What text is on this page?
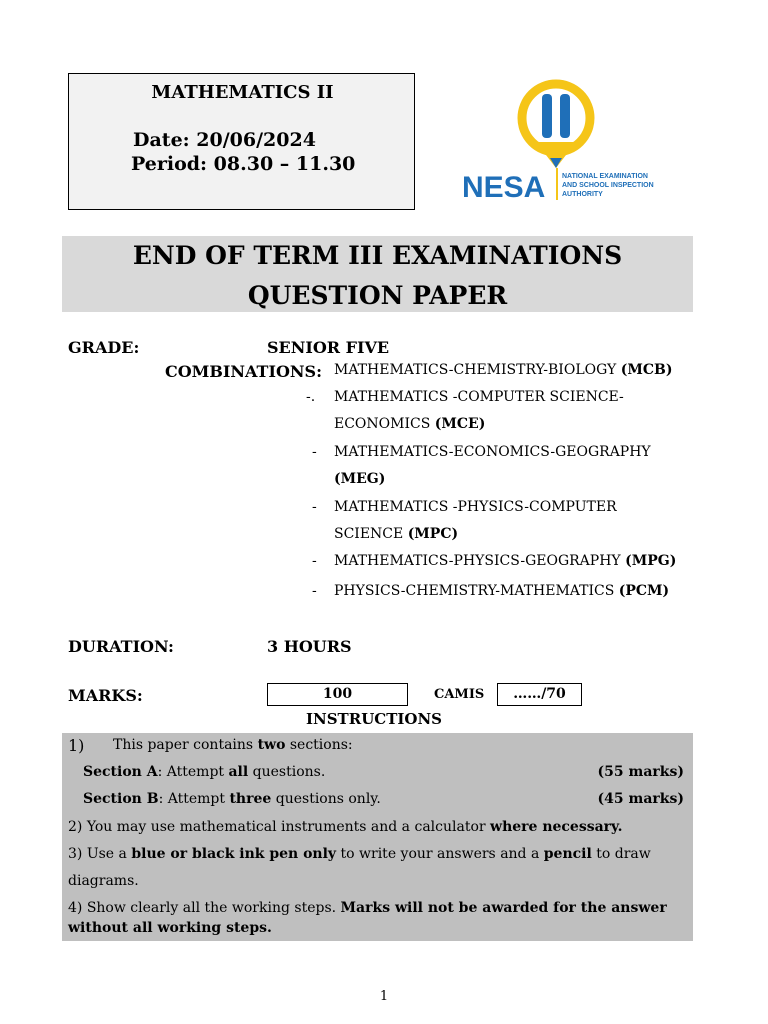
MATHEMATICS II
Date: 20/06/2024
Period: 08.30 – 11.30
NESA NATIONAL EXAMINATION
AND SCHOOL INSPECTION
AUTHORITY
END OF TERM III EXAMINATIONS
QUESTION PAPER
GRADE:	SENIOR FIVE
COMBINATIONS: MATHEMATICS-CHEMISTRY-BIOLOGY (MCB)
-. MATHEMATICS -COMPUTER SCIENCE-
ECONOMICS (MCE)
- MATHEMATICS-ECONOMICS-GEOGRAPHY
(MEG)
- MATHEMATICS -PHYSICS-COMPUTER
SCIENCE (MPC)
- MATHEMATICS-PHYSICS-GEOGRAPHY (MPG)
- PHYSICS-CHEMISTRY-MATHEMATICS (PCM)
DURATION:	3 HOURS
MARKS:	100	CAMIS	……/70
INSTRUCTIONS
1) This paper contains two sections:
Section A: Attempt all questions.	(55 marks)
Section B: Attempt three questions only.	(45 marks)
2) You may use mathematical instruments and a calculator where necessary.
3) Use a blue or black ink pen only to write your answers and a pencil to draw
diagrams.
4) Show clearly all the working steps. Marks will not be awarded for the answer
without all working steps.
1
